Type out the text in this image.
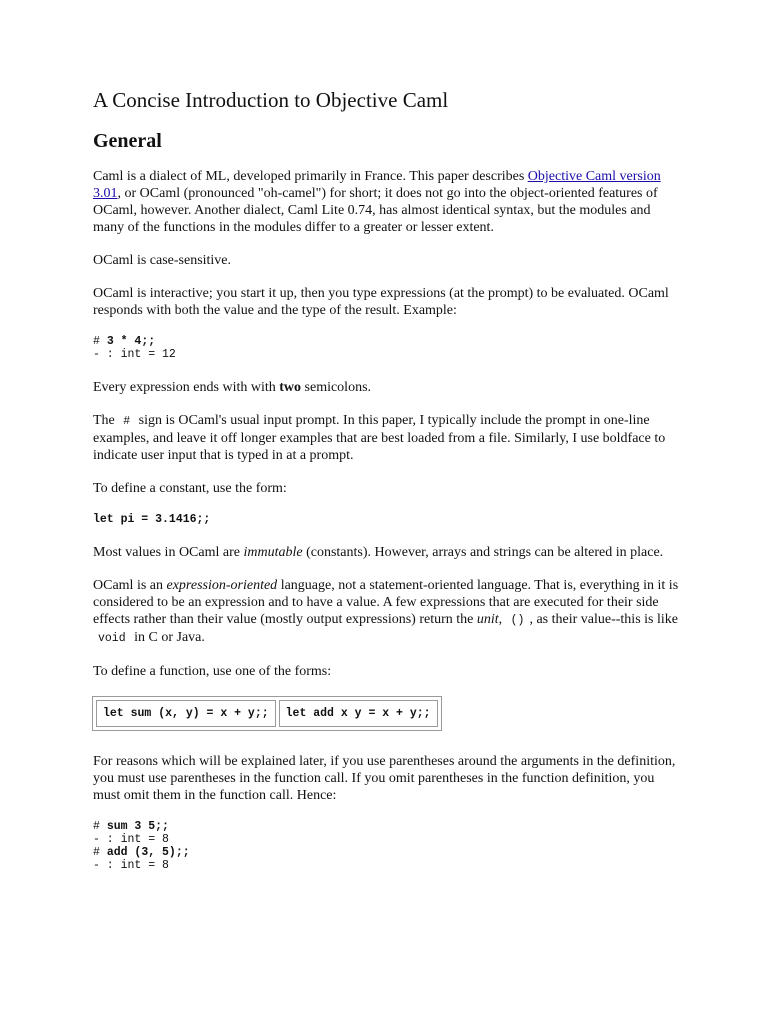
A Concise Introduction to Objective Caml
General

Caml is a dialect of ML, developed primarily in France. This paper describes Objective Caml version 3.01, or OCaml (pronounced "oh-camel") for short; it does not go into the object-oriented features of OCaml, however. Another dialect, Caml Lite 0.74, has almost identical syntax, but the modules and many of the functions in the modules differ to a greater or lesser extent.

OCaml is case-sensitive.

OCaml is interactive; you start it up, then you type expressions (at the prompt) to be evaluated. OCaml responds with both the value and the type of the result. Example:

# 3 * 4;;
- : int = 12

Every expression ends with with two semicolons.

The # sign is OCaml's usual input prompt. In this paper, I typically include the prompt in one-line examples, and leave it off longer examples that are best loaded from a file. Similarly, I use boldface to indicate user input that is typed in at a prompt.

To define a constant, use the form:

let pi = 3.1416;;

Most values in OCaml are immutable (constants). However, arrays and strings can be altered in place.

OCaml is an expression-oriented language, not a statement-oriented language. That is, everything in it is considered to be an expression and to have a value. A few expressions that are executed for their side effects rather than their value (mostly output expressions) return the unit, () , as their value--this is like void in C or Java.

To define a function, use one of the forms:

let sum (x, y) = x + y;;	let add x y = x + y;;

For reasons which will be explained later, if you use parentheses around the arguments in the definition, you must use parentheses in the function call. If you omit parentheses in the function definition, you must omit them in the function call. Hence:

# sum 3 5;;
- : int = 8
# add (3, 5);;
- : int = 8
